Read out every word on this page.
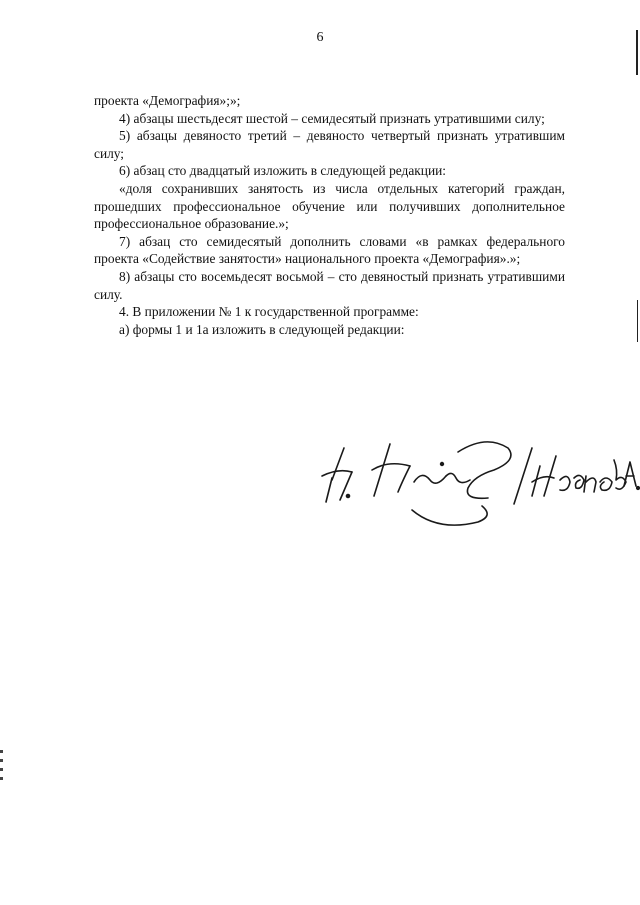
6

проекта «Демография»;»;

4) абзацы шестьдесят шестой – семидесятый признать утратившими силу;

5) абзацы девяносто третий – девяносто четвертый признать утратившим силу;

6) абзац сто двадцатый изложить в следующей редакции:

«доля сохранивших занятость из числа отдельных категорий граждан, прошедших профессиональное обучение или получивших дополнительное профессиональное образование.»;

7) абзац сто семидесятый дополнить словами «в рамках федерального проекта «Содействие занятости» национального проекта «Демография».»;

8) абзацы сто восемьдесят восьмой – сто девяностый признать утратившими силу.

4. В приложении № 1 к государственной программе:

а) формы 1 и 1а изложить в следующей редакции:
